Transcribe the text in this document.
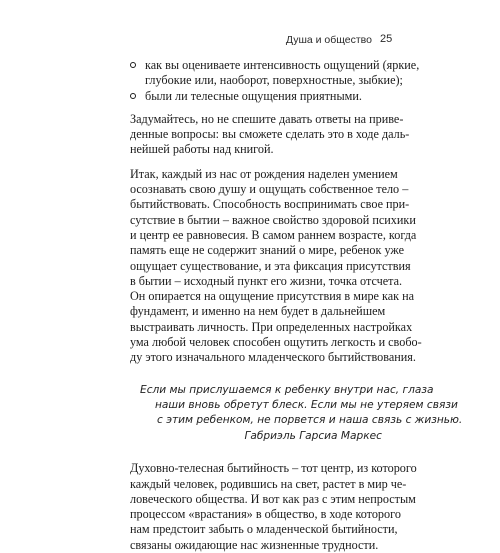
Душа и общество 25
как вы оцениваете интенсивность ощущений (яркие,
глубокие или, наоборот, поверхностные, зыбкие);
были ли телесные ощущения приятными.

Задумайтесь, но не спешите давать ответы на приве-
денные вопросы: вы сможете сделать это в ходе даль-
нейшей работы над книгой.

Итак, каждый из нас от рождения наделен умением
осознавать свою душу и ощущать собственное тело –
бытийствовать. Способность воспринимать свое при-
сутствие в бытии – важное свойство здоровой психики
и центр ее равновесия. В самом раннем возрасте, когда
память еще не содержит знаний о мире, ребенок уже
ощущает существование, и эта фиксация присутствия
в бытии – исходный пункт его жизни, точка отсчета.
Он опирается на ощущение присутствия в мире как на
фундамент, и именно на нем будет в дальнейшем
выстраивать личность. При определенных настройках
ума любой человек способен ощутить легкость и свобо-
ду этого изначального младенческого бытийствования.

Если мы прислушаемся к ребенку внутри нас, глаза
наши вновь обретут блеск. Если мы не утеряем связи
с этим ребенком, не порвется и наша связь с жизнью.
Габриэль Гарсиа Маркес

Духовно-телесная бытийность – тот центр, из которого
каждый человек, родившись на свет, растет в мир че-
ловеческого общества. И вот как раз с этим непростым
процессом «врастания» в общество, в ходе которого
нам предстоит забыть о младенческой бытийности,
связаны ожидающие нас жизненные трудности.
